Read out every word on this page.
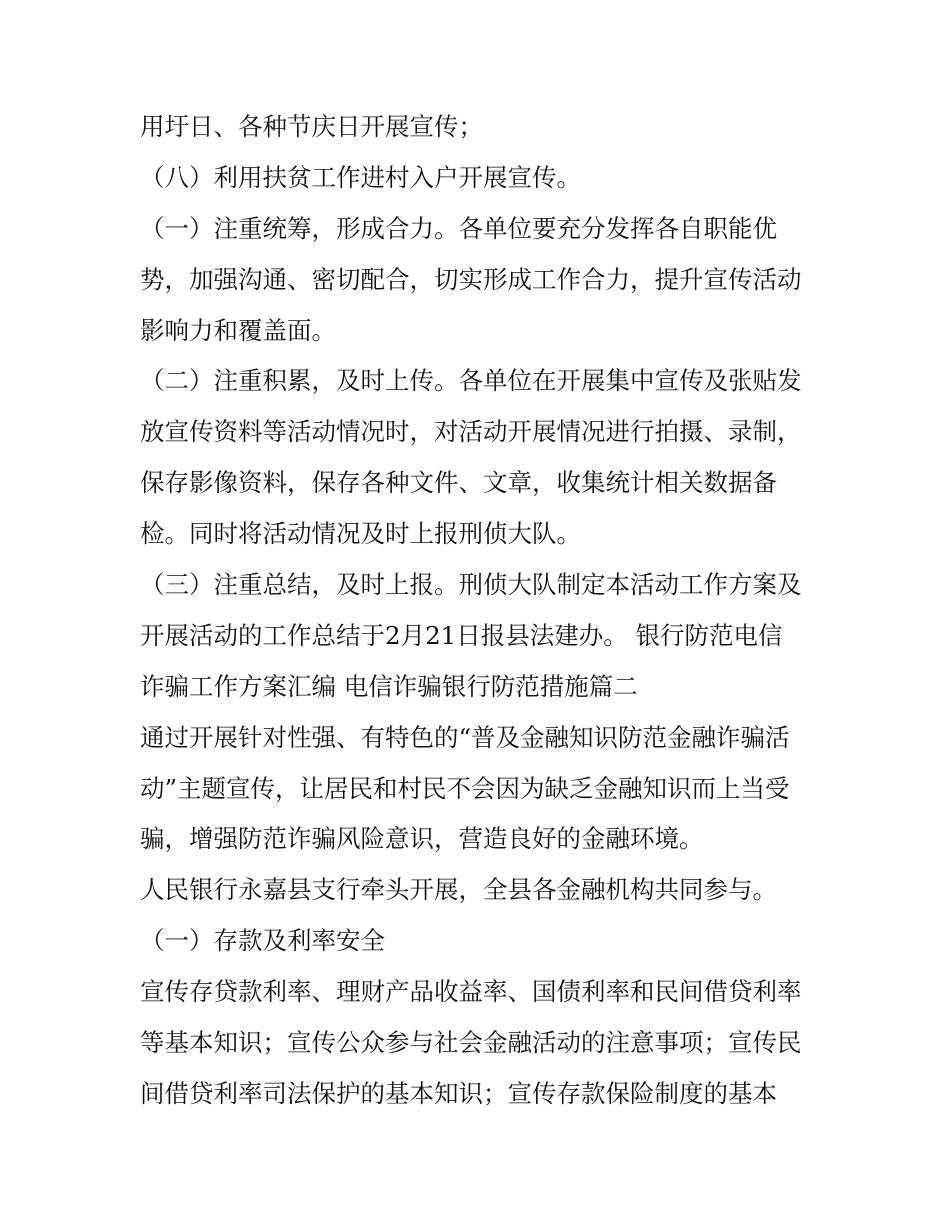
用圩日、各种节庆日开展宣传；
（八）利用扶贫工作进村入户开展宣传。
（一）注重统筹，形成合力。各单位要充分发挥各自职能优
势，加强沟通、密切配合，切实形成工作合力，提升宣传活动
影响力和覆盖面。
（二）注重积累，及时上传。各单位在开展集中宣传及张贴发
放宣传资料等活动情况时，对活动开展情况进行拍摄、录制，
保存影像资料，保存各种文件、文章，收集统计相关数据备
检。同时将活动情况及时上报刑侦大队。
（三）注重总结，及时上报。刑侦大队制定本活动工作方案及
开展活动的工作总结于2月21日报县法建办。 银行防范电信
诈骗工作方案汇编 电信诈骗银行防范措施篇二
通过开展针对性强、有特色的“普及金融知识防范金融诈骗活
动”主题宣传，让居民和村民不会因为缺乏金融知识而上当受
骗，增强防范诈骗风险意识，营造良好的金融环境。
人民银行永嘉县支行牵头开展，全县各金融机构共同参与。
（一）存款及利率安全
宣传存贷款利率、理财产品收益率、国债利率和民间借贷利率
等基本知识；宣传公众参与社会金融活动的注意事项；宣传民
间借贷利率司法保护的基本知识；宣传存款保险制度的基本
